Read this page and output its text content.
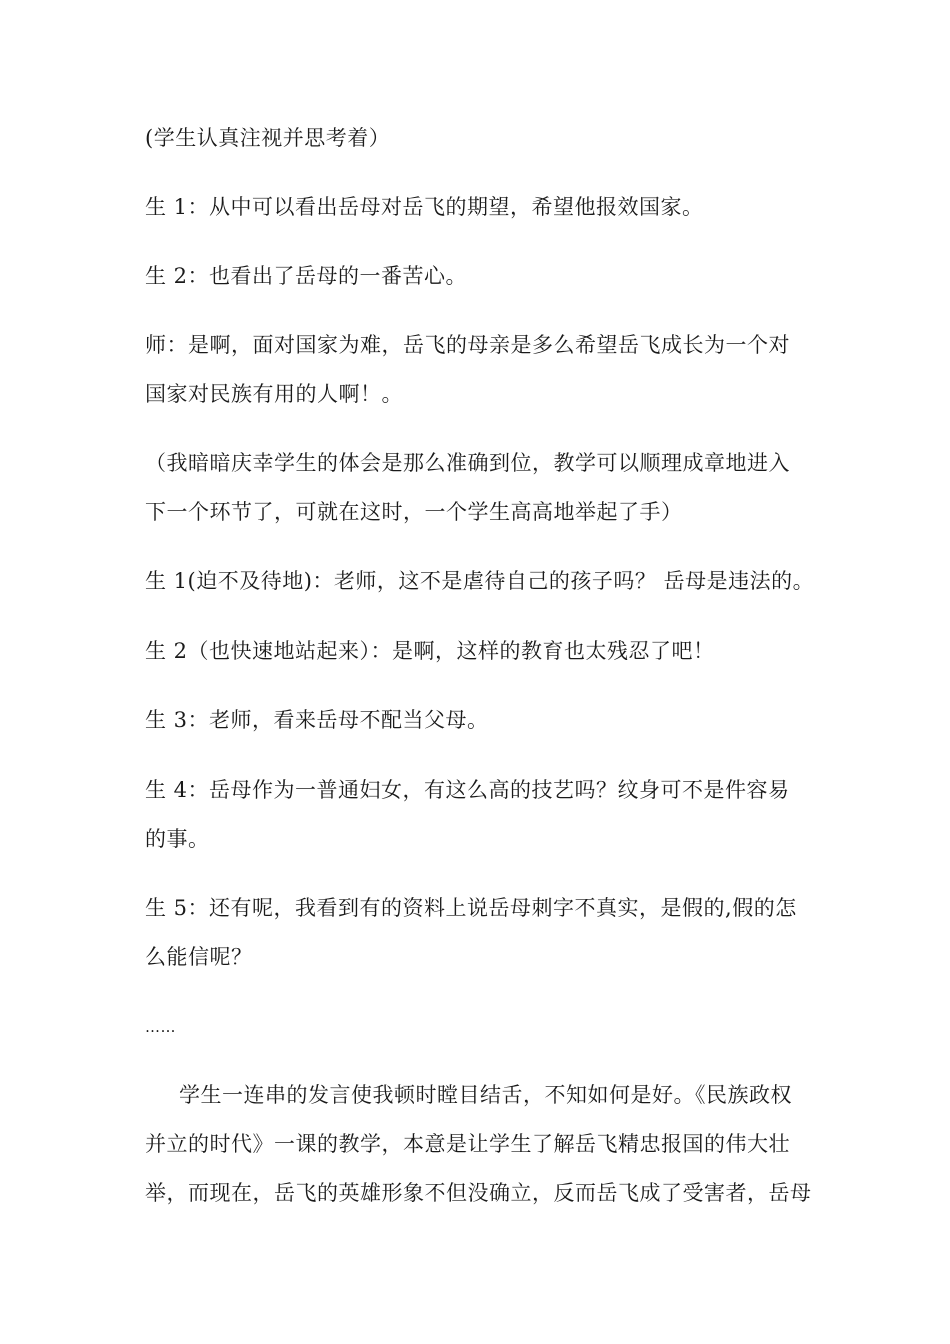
(学生认真注视并思考着）
生 1：从中可以看出岳母对岳飞的期望，希望他报效国家。
生 2：也看出了岳母的一番苦心。
师：是啊，面对国家为难，岳飞的母亲是多么希望岳飞成长为一个对
国家对民族有用的人啊！。
（我暗暗庆幸学生的体会是那么准确到位，教学可以顺理成章地进入
下一个环节了，可就在这时，一个学生高高地举起了手）
生 1(迫不及待地)：老师，这不是虐待自己的孩子吗？ 岳母是违法的。
生 2（也快速地站起来）：是啊，这样的教育也太残忍了吧！
生 3：老师，看来岳母不配当父母。
生 4：岳母作为一普通妇女，有这么高的技艺吗？纹身可不是件容易
的事。
生 5：还有呢，我看到有的资料上说岳母刺字不真实，是假的,假的怎
么能信呢？
……
学生一连串的发言使我顿时瞠目结舌，不知如何是好。《民族政权
并立的时代》一课的教学，本意是让学生了解岳飞精忠报国的伟大壮
举，而现在，岳飞的英雄形象不但没确立，反而岳飞成了受害者，岳母
